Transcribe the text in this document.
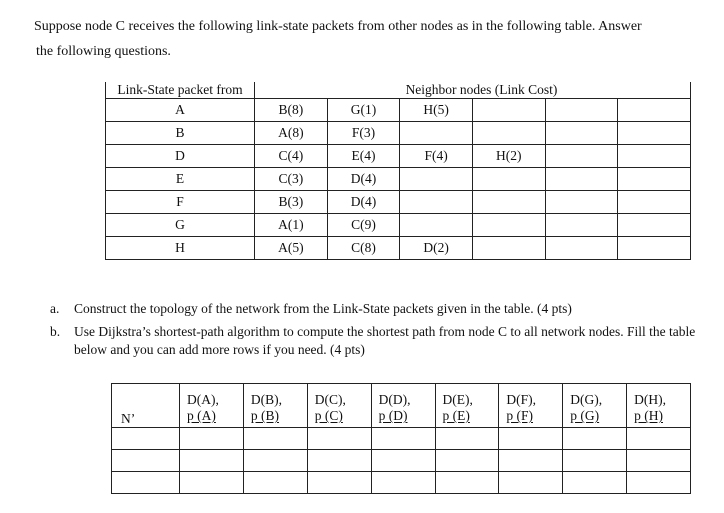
Suppose node C receives the following link-state packets from other nodes as in the following table. Answer
the following questions.

Link-State packet from	Neighbor nodes (Link Cost)					
A	B(8)	G(1)	H(5)			
B	A(8)	F(3)				
D	C(4)	E(4)	F(4)	H(2)		
E	C(3)	D(4)				
F	B(3)	D(4)				
G	A(1)	C(9)				
H	A(5)	C(8)	D(2)			
a. Construct the topology of the network from the Link-State packets given in the table. (4 pts)
b. Use Dijkstra’s shortest-path algorithm to compute the shortest path from node C to all network nodes. Fill the table below and you can add more rows if you need. (4 pts)
N’	D(A),	D(B),	D(C),	D(D),	D(E),	D(F),	D(G),	D(H),
	p (A)	p (B)	p (C)	p (D)	p (E)	p (F)	p (G)	p (H)
